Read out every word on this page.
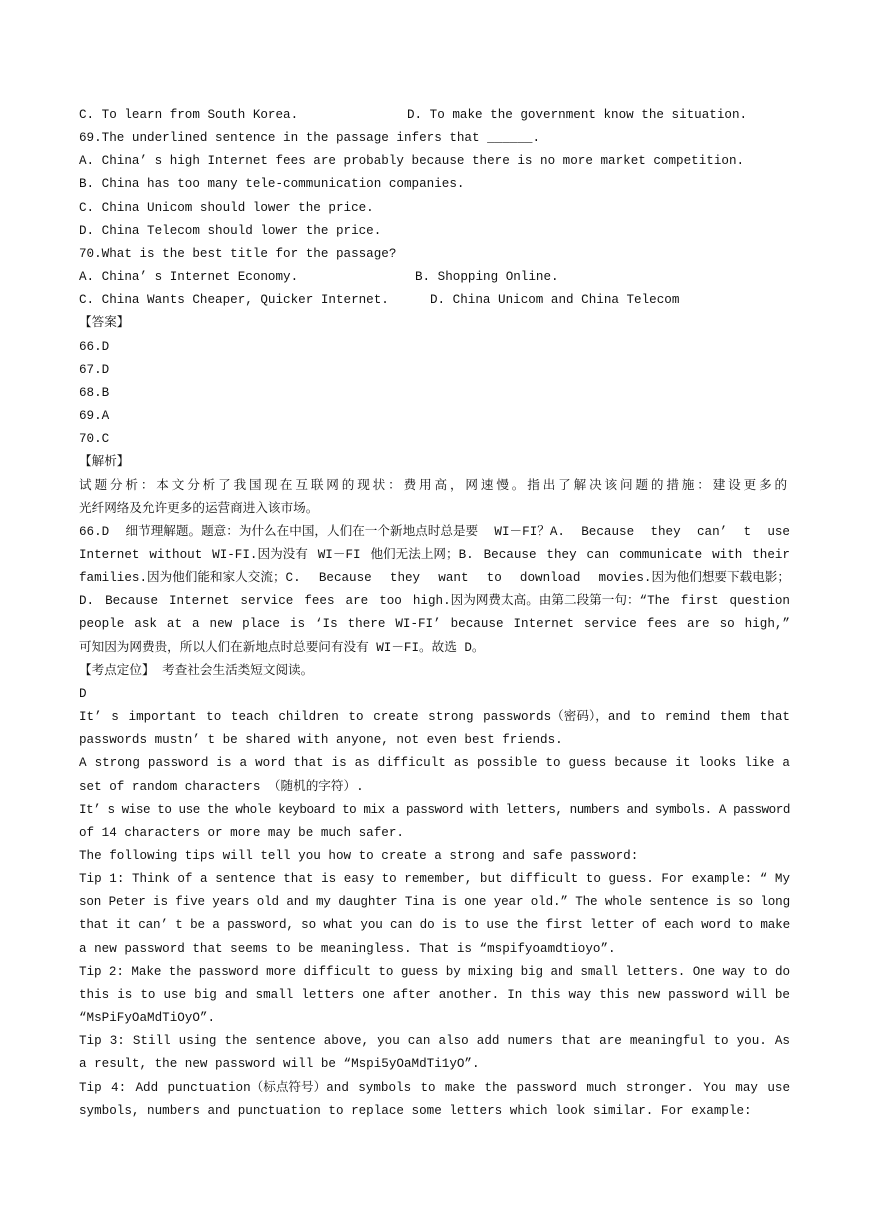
C. To learn from South Korea.	D. To make the government know the situation.
69.The underlined sentence in the passage infers that ______.
A. China’ s high Internet fees are probably because there is no more market competition.
B. China has too many tele-communication companies.
C. China Unicom should lower the price.
D. China Telecom should lower the price.
70.What is the best title for the passage?
A. China’ s Internet Economy.	B. Shopping Online.
C. China Wants Cheaper, Quicker Internet.	D. China Unicom and China Telecom
【答案】
66.D
67.D
68.B
69.A
70.C
【解析】
试题分析：本文分析了我国现在互联网的现状：费用高，网速慢。指出了解决该问题的措施：建设更多的
光纤网络及允许更多的运营商进入该市场。
66.D 细节理解题。题意：为什么在中国，人们在一个新地点时总是要 WI－FI？A. Because they can’ t use
Internet without WI-FI.因为没有 WI－FI 他们无法上网；B. Because they can communicate with their
families.因为他们能和家人交流；C. Because they want to download movies.因为他们想要下载电影；
D. Because Internet service fees are too high.因为网费太高。由第二段第一句：“The first question
people ask at a new place is ‘Is there WI-FI’ because Internet service fees are so high,”
可知因为网费贵，所以人们在新地点时总要问有没有 WI－FI。故选 D。
【考点定位】 考查社会生活类短文阅读。
D
It’ s important to teach children to create strong passwords（密码），and to remind them that
passwords mustn’ t be shared with anyone, not even best friends.
A strong password is a word that is as difficult as possible to guess because it looks like a
set of random characters （随机的字符）.
It’ s wise to use the whole keyboard to mix a password with letters, numbers and symbols. A password
of 14 characters or more may be much safer.
The following tips will tell you how to create a strong and safe password:
Tip 1: Think of a sentence that is easy to remember, but difficult to guess. For example: “ My
son Peter is five years old and my daughter Tina is one year old.” The whole sentence is so long
that it can’ t be a password, so what you can do is to use the first letter of each word to make
a new password that seems to be meaningless. That is “mspifyoamdtioyo”.
Tip 2: Make the password more difficult to guess by mixing big and small letters. One way to do
this is to use big and small letters one after another. In this way this new password will be
“MsPiFyOaMdTiOyO”.
Tip 3: Still using the sentence above, you can also add numers that are meaningful to you. As
a result, the new password will be “Mspi5yOaMdTi1yO”.
Tip 4: Add punctuation（标点符号）and symbols to make the password much stronger. You may use
symbols, numbers and punctuation to replace some letters which look similar. For example:
